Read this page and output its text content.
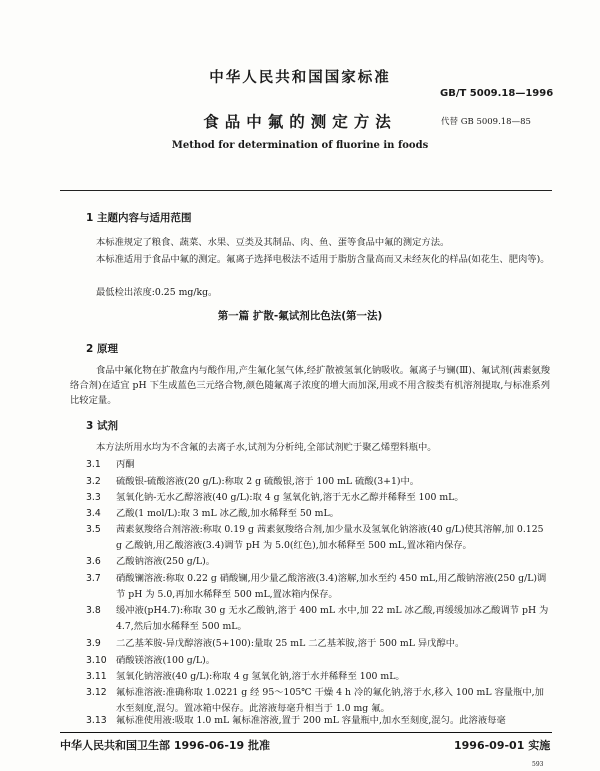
中华人民共和国国家标准
GB/T 5009.18—1996
食品中氟的测定方法	代替 GB 5009.18—85
Method for determination of fluorine in foods
1 主题内容与适用范围

本标准规定了粮食、蔬菜、水果、豆类及其制品、肉、鱼、蛋等食品中氟的测定方法。

本标准适用于食品中氟的测定。氟离子选择电极法不适用于脂肪含量高而又未经灰化的样品(如花生、肥肉等)。

最低检出浓度:0.25 mg/kg。

第一篇 扩散-氟试剂比色法(第一法)
2 原理

食品中氟化物在扩散盒内与酸作用,产生氟化氢气体,经扩散被氢氧化钠吸收。氟离子与镧(Ⅲ)、氟试剂(茜素氨羧络合剂)在适宜 pH 下生成蓝色三元络合物,颜色随氟离子浓度的增大而加深,用或不用含胺类有机溶剂提取,与标准系列比较定量。

3 试剂

本方法所用水均为不含氟的去离子水,试剂为分析纯,全部试剂贮于聚乙烯塑料瓶中。

3.1	丙酮
3.2	硫酸银-硫酸溶液(20 g/L):称取 2 g 硫酸银,溶于 100 mL 硫酸(3+1)中。
3.3	氢氧化钠-无水乙醇溶液(40 g/L):取 4 g 氢氧化钠,溶于无水乙醇并稀释至 100 mL。
3.4	乙酸(1 mol/L):取 3 mL 冰乙酸,加水稀释至 50 mL。
3.5	茜素氨羧络合剂溶液:称取 0.19 g 茜素氨羧络合剂,加少量水及氢氧化钠溶液(40 g/L)使其溶解,加 0.125 g 乙酸钠,用乙酸溶液(3.4)调节 pH 为 5.0(红色),加水稀释至 500 mL,置冰箱内保存。
3.6	乙酸钠溶液(250 g/L)。
3.7	硝酸镧溶液:称取 0.22 g 硝酸镧,用少量乙酸溶液(3.4)溶解,加水至约 450 mL,用乙酸钠溶液(250 g/L)调节 pH 为 5.0,再加水稀释至 500 mL,置冰箱内保存。
3.8	缓冲液(pH4.7):称取 30 g 无水乙酸钠,溶于 400 mL 水中,加 22 mL 冰乙酸,再缓缓加冰乙酸调节 pH 为 4.7,然后加水稀释至 500 mL。
3.9	二乙基苯胺-异戊醇溶液(5+100):量取 25 mL 二乙基苯胺,溶于 500 mL 异戊醇中。
3.10 硝酸镁溶液(100 g/L)。
3.11 氢氧化钠溶液(40 g/L):称取 4 g 氢氧化钠,溶于水并稀释至 100 mL。
3.12 氟标准溶液:准确称取 1.0221 g 经 95～105℃ 干燥 4 h 冷的氟化钠,溶于水,移入 100 mL 容量瓶中,加水至刻度,混匀。置冰箱中保存。此溶液每毫升相当于 1.0 mg 氟。
3.13 氟标准使用液:吸取 1.0 mL 氟标准溶液,置于 200 mL 容量瓶中,加水至刻度,混匀。此溶液每毫
中华人民共和国卫生部 1996-06-19 批准	1996-09-01 实施
593
